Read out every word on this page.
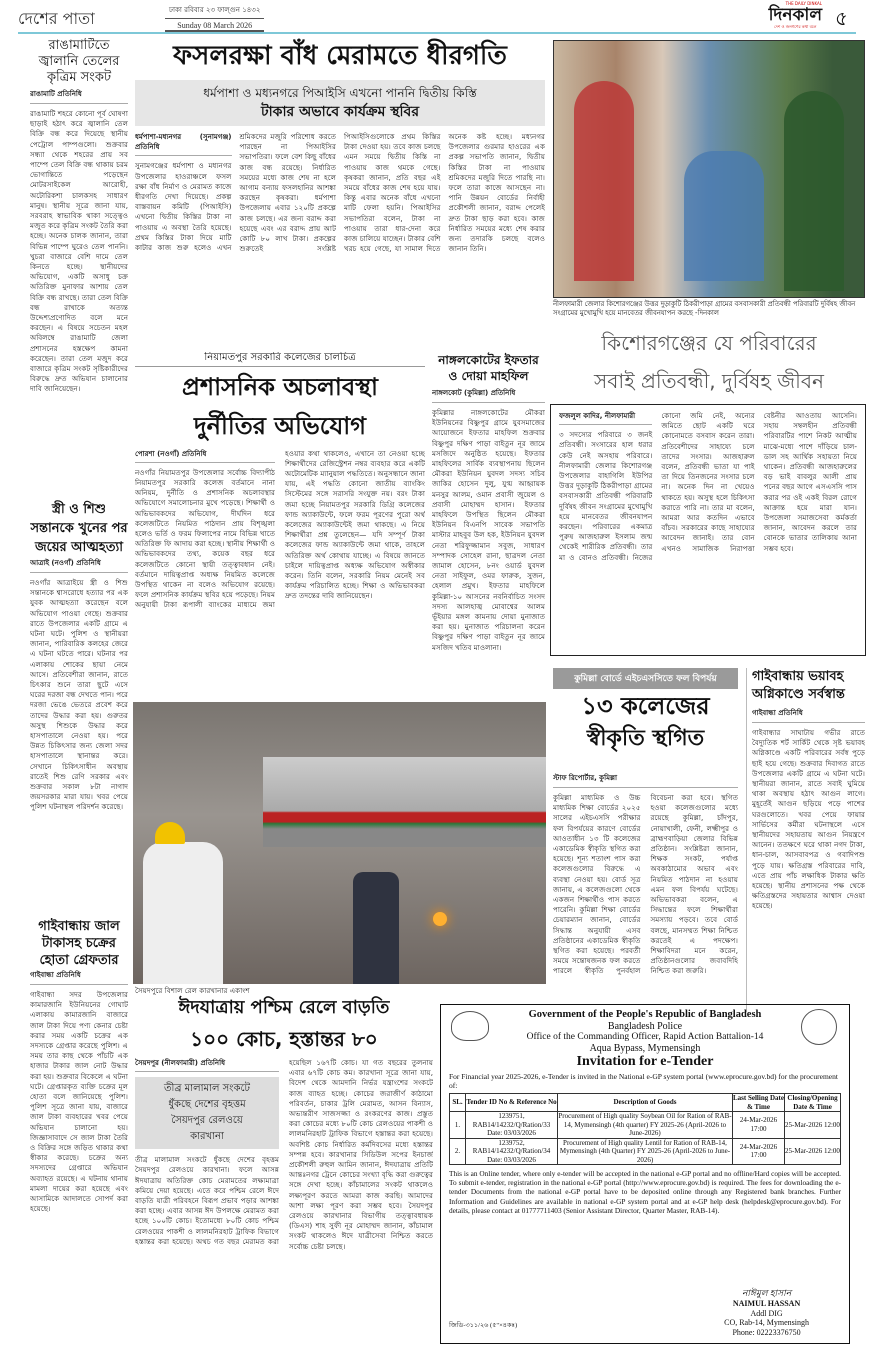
দেশের পাতা	ঢাকা রবিবার ২৩ ফাল্গুন ১৪৩২
Sunday 08 March 2026
THE DAILY DINKAL
দিনকাল
দেশ ও জনগণের কথা বলে ৫
রাঙামাটিতে জ্বালানি তেলের কৃত্রিম সংকট
রাঙামাটি প্রতিনিধি
রাঙামাটি শহরে কোনো পূর্ব ঘোষণা ছাড়াই হঠাৎ করে জ্বালানি তেল বিক্রি বন্ধ করে দিয়েছে স্থানীয় পেট্রোল পাম্পগুলো। শুক্রবার সন্ধ্যা থেকে শহরের প্রায় সব পাম্পে তেল বিক্রি বন্ধ থাকায় চরম ভোগান্তিতে পড়েছেন মোটরসাইকেল আরোহী, অটোরিকশা চালকসহ সাধারণ মানুষ। স্থানীয় সূত্রে জানা যায়, সরবরাহ স্বাভাবিক থাকা সত্ত্বেও মজুত করে কৃত্রিম সংকট তৈরি করা হচ্ছে। অনেক চালক জানান, তারা বিভিন্ন পাম্পে ঘুরেও তেল পাননি। খুচরা বাজারে বেশি দামে তেল কিনতে হচ্ছে। স্থানীয়দের অভিযোগ, একটি অসাধু চক্র অতিরিক্ত মুনাফার আশায় তেল বিক্রি বন্ধ রাখছে। তারা তেল বিক্রি বন্ধ রাখাকে অত্যন্ত উদ্দেশ্যপ্রণোদিত বলে মনে করছেন। এ বিষয়ে সচেতন মহল অবিলম্বে রাঙামাটি জেলা প্রশাসনের হস্তক্ষেপ কামনা করেছেন। তারা তেল মজুদ করে বাজারে কৃত্রিম সংকট সৃষ্টিকারীদের বিরুদ্ধে দ্রুত অভিযান চালানোর দাবি জানিয়েছেন।
স্ত্রী ও শিশু সন্তানকে খুনের পর জয়ের আত্মহত্যা
আত্রাই (নওগাঁ) প্রতিনিধি
নওগাঁর আত্রাইয়ে স্ত্রী ও শিশু সন্তানকে শ্বাসরোধে হত্যার পর এক যুবক আত্মহত্যা করেছেন বলে অভিযোগ পাওয়া গেছে। শুক্রবার রাতে উপজেলার একটি গ্রামে এ ঘটনা ঘটে। পুলিশ ও স্থানীয়রা জানান, পারিবারিক কলহের জেরে এ ঘটনা ঘটতে পারে। ঘটনার পর এলাকায় শোকের ছায়া নেমে আসে। প্রতিবেশীরা জানান, রাতে চিৎকার শুনে তারা ছুটে এসে ঘরের দরজা বন্ধ দেখতে পান। পরে দরজা ভেঙে ভেতরে প্রবেশ করে তাদের উদ্ধার করা হয়। গুরুতর অসুস্থ শিশুকে উদ্ধার করে হাসপাতালে নেওয়া হয়। পরে উন্নত চিকিৎসার জন্য জেলা সদর হাসপাতালে স্থানান্তর করে। সেখানে চিকিৎসাধীন অবস্থায় রাতেই শিশু রেণি সরকার এবং শুক্রবার সকাল ৮টা নাগাদ জয়সরকার মারা যায়। খবর পেয়ে পুলিশ ঘটনাস্থল পরিদর্শন করেছে।
গাইবান্ধায় জাল টাকাসহ চক্রের হোতা গ্রেফতার
গাইবান্ধা প্রতিনিধি
গাইবান্ধা সদর উপজেলার কামারজানি ইউনিয়নের গোঘাট এলাকায় কামারজানি বাজারে জাল টাকা দিয়ে পণ্য কেনার চেষ্টা করার সময় একটি চক্রের এক সদস্যকে গ্রেপ্তার করেছে পুলিশ। এ সময় তার কাছ থেকে পাঁচটি এক হাজার টাকার জাল নোট উদ্ধার করা হয়। শুক্রবার বিকেলে এ ঘটনা ঘটে। গ্রেপ্তারকৃত ব্যক্তি চক্রের মূল হোতা বলে জানিয়েছে পুলিশ। পুলিশ সূত্রে জানা যায়, বাজারে জাল টাকা ব্যবহারের খবর পেয়ে অভিযান চালানো হয়। জিজ্ঞাসাবাদে সে জাল টাকা তৈরি ও বিক্রির সঙ্গে জড়িত থাকার কথা স্বীকার করেছে। চক্রের অন্য সদস্যদের গ্রেপ্তারে অভিযান অব্যাহত রয়েছে। এ ঘটনায় থানায় মামলা দায়ের করা হয়েছে এবং আসামিকে আদালতে সোপর্দ করা হয়েছে।
ফসলরক্ষা বাঁধ মেরামতে ধীরগতি
ধর্মপাশা ও মধ্যনগরে পিআইসি এখনো পাননি দ্বিতীয় কিস্তি
টাকার অভাবে কার্যক্রম স্থবির
ধর্মপাশা-মধ্যনগর (সুনামগঞ্জ) প্রতিনিধি
সুনামগঞ্জের ধর্মপাশা ও মধ্যনগর উপজেলার হাওরাঞ্চলে ফসল রক্ষা বাঁধ নির্মাণ ও মেরামত কাজে ধীরগতি দেখা দিয়েছে। প্রকল্প বাস্তবায়ন কমিটি (পিআইসি) এখনো দ্বিতীয় কিস্তির টাকা না পাওয়ায় এ অবস্থা তৈরি হয়েছে। প্রথম কিস্তির টাকা দিয়ে মাটি কাটার কাজ শুরু হলেও এখন শ্রমিকদের মজুরি পরিশোধ করতে পারছেন না পিআইসির সভাপতিরা। ফলে বেশ কিছু বাঁধের কাজ বন্ধ রয়েছে। নির্ধারিত সময়ের মধ্যে কাজ শেষ না হলে আগাম বন্যায় ফসলহানির আশঙ্কা করছেন কৃষকরা। ধর্মপাশা উপজেলায় এবার ১২০টি প্রকল্পে কাজ চলছে। এর জন্য বরাদ্দ করা হয়েছে এবং এর বরাদ্দ প্রায় আট কোটি ৮০ লাখ টাকা। প্রকল্পের শুরুতেই সংশ্লিষ্ট পিআইসিগুলোকে প্রথম কিস্তির টাকা দেওয়া হয়। তবে কাজ চলছে এমন সময়ে দ্বিতীয় কিস্তি না পাওয়ায় কাজ থমকে গেছে। কৃষকরা জানান, প্রতি বছর এই সময়ে বাঁধের কাজ শেষ হয়ে যায়। কিন্তু এবার অনেক বাঁধে এখনো মাটি ফেলা হয়নি। পিআইসির সভাপতিরা বলেন, টাকা না পাওয়ায় তারা ধার-দেনা করে কাজ চালিয়ে যাচ্ছেন। টাকার বেশি খরচ হয়ে গেছে, যা সামাল দিতে অনেক কষ্ট হচ্ছে। মধ্যনগর উপজেলার গুরমার হাওরের এক প্রকল্প সভাপতি জানান, দ্বিতীয় কিস্তির টাকা না পাওয়ায় শ্রমিকদের মজুরি দিতে পারছি না। ফলে তারা কাজে আসছেন না। পানি উন্নয়ন বোর্ডের নির্বাহী প্রকৌশলী জানান, বরাদ্দ পেলেই দ্রুত টাকা ছাড় করা হবে। কাজ নির্ধারিত সময়ের মধ্যে শেষ করার জন্য তদারকি চলছে বলেও জানান তিনি।
নীলফামারী জেলার কিশোরগঞ্জের উত্তর দুড়াকুটি ঠিকরীপাড়া গ্রামের বসবাসকারী প্রতিবন্ধী পরিবারটি দুর্বিষহ জীবন সংগ্রামের মুখোমুখি হয়ে মানবেতর জীবনযাপন করছে -দিনকাল
কিশোরগঞ্জের যে পরিবারের
সবাই প্রতিবন্ধী, দুর্বিষহ জীবন
ফজলুল কাদির, নীলফামারী
৩ সদস্যের পরিবারে ৩ জনই প্রতিবন্ধী। সংসারের হাল ধরার কেউ নেই অসহায় পরিবারে। নীলফামারী জেলার কিশোরগঞ্জ উপজেলার বাহাগিলি ইউপির উত্তর দুড়াকুটি ঠিকরীপাড়া গ্রামের বসবাসকারী প্রতিবন্ধী পরিবারটি দুর্বিষহ জীবন সংগ্রামের মুখোমুখি হয়ে মানবেতর জীবনযাপন করছেন। পরিবারের একমাত্র পুরুষ আজহারুল ইসলাম জন্ম থেকেই শারীরিক প্রতিবন্ধী। তার মা ও বোনও প্রতিবন্ধী। নিজের কোনো জমি নেই, অন্যের জমিতে ছোট একটি ঘরে কোনোমতে বসবাস করেন তারা। প্রতিবেশীদের সাহায্যে চলে তাদের সংসার। আজহারুল বলেন, প্রতিবন্ধী ভাতা যা পাই তা দিয়ে তিনজনের সংসার চলে না। অনেক দিন না খেয়েও থাকতে হয়। অসুস্থ হলে চিকিৎসা করাতে পারি না। তার মা বলেন, আমরা আর কতদিন এভাবে বাঁচব। সরকারের কাছে সাহায্যের আবেদন জানাই। তার বোন এখনও সামাজিক নিরাপত্তা বেষ্টনীর আওতায় আসেনি। সহায় সম্বলহীন প্রতিবন্ধী পরিবারটির পাশে নিকট আত্মীয় মাঝে-মধ্যে পাশে দাঁড়িয়ে চাল-ডাল সহ আর্থিক সহায়তা নিয়ে থাকেন। প্রতিবন্ধী আজহারুলের বড় ভাই বাবলুর আলী প্রায় পনের বছর আগে এসএসসি পাস করার পর ওই একই বিরল রোগে আক্রান্ত হয়ে মারা যান। উপজেলা সমাজসেবা কর্মকর্তা জানান, আবেদন করলে তার বোনকে ভাতার তালিকায় আনা সম্ভব হবে।
নিয়ামতপুর সরকারি কলেজের চালচিত্র
প্রশাসনিক অচলাবস্থা
দুর্নীতির অভিযোগ
পোরশা (নওগাঁ) প্রতিনিধি
নওগাঁর নিয়ামতপুর উপজেলার সর্বোচ্চ বিদ্যাপীঠ নিয়ামতপুর সরকারি কলেজ বর্তমানে নানা অনিয়ম, দুর্নীতি ও প্রশাসনিক অচলাবস্থার অভিযোগে সমালোচনার মুখে পড়েছে। শিক্ষার্থী ও অভিভাবকদের অভিযোগ, দীর্ঘদিন ধরে কলেজটিতে নিয়মিত পাঠদান প্রায় বিশৃঙ্খলা হলেও ভর্তি ও ফরম ফিলাপের নামে বিভিন্ন খাতে অতিরিক্ত ফি আদায় করা হচ্ছে। স্থানীয় শিক্ষার্থী ও অভিভাবকদের তথ্য, কয়েক বছর ধরে কলেজটিতে কোনো স্থায়ী তত্ত্বাবধান নেই। বর্তমানে দায়িত্বপ্রাপ্ত অধ্যক্ষ নিয়মিত কলেজে উপস্থিত থাকেন না বলেও অভিযোগ রয়েছে। ফলে প্রশাসনিক কার্যক্রম স্থবির হয়ে পড়েছে। নিয়ম অনুযায়ী টাকা রূপালী ব্যাংকের মাধ্যমে জমা হওয়ার কথা থাকলেও, এখানে তা নেওয়া হচ্ছে শিক্ষার্থীদের রেজিস্ট্রেশন নম্বর ব্যবহার করে একটি অটোমেটিক ম্যানুয়াল পদ্ধতিতে। অনুসন্ধানে জানা যায়, এই পদ্ধতি কোনো জাতীয় ব্যাংকিং সিস্টেমের সঙ্গে সরাসরি সংযুক্ত নয়। বরং টাকা জমা হচ্ছে নিয়ামতপুর সরকারি ডিগ্রি কলেজের ফান্ড অ্যাকাউন্টে, ফলে ফরম পূরণের পুরো অর্থ কলেজের অ্যাকাউন্টেই জমা থাকছে। এ নিয়ে শিক্ষার্থীরা প্রশ্ন তুলেছেন— যদি সম্পূর্ণ টাকা কলেজের ফান্ড অ্যাকাউন্টে জমা থাকে, তাহলে অতিরিক্ত অর্থ কোথায় যাচ্ছে। এ বিষয়ে জানতে চাইলে দায়িত্বপ্রাপ্ত অধ্যক্ষ অভিযোগ অস্বীকার করেন। তিনি বলেন, সরকারি নিয়ম মেনেই সব কার্যক্রম পরিচালিত হচ্ছে। শিক্ষা ও অভিভাবকরা দ্রুত তদন্তের দাবি জানিয়েছেন।
নাঙ্গলকোটের ইফতার ও দোয়া মাহফিল
নাঙ্গলকোট (কুমিল্লা) প্রতিনিধি
কুমিল্লার নাঙ্গলকোটের মৌকরা ইউনিয়নের বিষ্ণুপুর গ্রামে যুবসমাজের আয়োজনে ইফতার মাহফিল শুক্রবার বিষ্ণুপুর দক্ষিণ পাড়া বাইতুন নূর জামে মসজিদে অনুষ্ঠিত হয়েছে। ইফতার মাহফিলের সার্বিক ব্যবস্থাপনায় ছিলেন মৌকরা ইউনিয়ন যুবদল সদস্য সচিব জাকির হোসেন দুলু, যুগ্ম আহ্বায়ক মনসুর আলম, ওমান প্রবাসী জুয়েল ও প্রবাসী মোহাম্মদ হাসান। ইফতার মাহফিলে উপস্থিত ছিলেন মৌকরা ইউনিয়ন বিএনপি সাবেক সভাপতি মাস্টার মাহবুব উল হক, ইউনিয়ন যুবদল নেতা শরিফুজ্জামান সবুজ, সাধারণ সম্পাদক সোহেল রানা, ছাত্রদল নেতা জামাল হোসেন, ৮নং ওয়ার্ড যুবদল নেতা সাইফুল, ওমর ফারুক, সুজন, হেলাল প্রমুখ। ইফতার মাহফিলে কুমিল্লা-১০ আসনের নবনির্বাচিত সংসদ সদস্য আলহাজ্ব মোবাশ্বের আলম ভূঁইয়ার মঙ্গল কামনায় দোয়া মুনাজাত করা হয়। মুনাজাত পরিচালনা করেন বিষ্ণুপুর দক্ষিণ পাড়া বাইতুন নূর জামে মসজিদ খতিব মাওলানা।
সৈয়দপুরে বিশাল রেল কারখানার একাংশ
কুমিল্লা বোর্ডে এইচএসসিতে ফল বিপর্যয়
১৩ কলেজের
স্বীকৃতি স্থগিত
স্টাফ রিপোর্টার, কুমিল্লা
কুমিল্লা মাধ্যমিক ও উচ্চ মাধ্যমিক শিক্ষা বোর্ডের ২০২৫ সালের এইচএসসি পরীক্ষার ফল বিপর্যয়ের কারণে বোর্ডের আওতাধীন ১৩ টি কলেজের একাডেমিক স্বীকৃতি স্থগিত করা হয়েছে। শূন্য শতাংশ পাস করা কলেজগুলোর বিরুদ্ধে এ ব্যবস্থা নেওয়া হয়। বোর্ড সূত্র জানায়, এ কলেজগুলো থেকে একজন শিক্ষার্থীও পাস করতে পারেনি। কুমিল্লা শিক্ষা বোর্ডের চেয়ারম্যান জানান, বোর্ডের সিদ্ধান্ত অনুযায়ী এসব প্রতিষ্ঠানের একাডেমিক স্বীকৃতি স্থগিত করা হয়েছে। পরবর্তী সময়ে সন্তোষজনক ফল করতে পারলে স্বীকৃতি পুনর্বহাল বিবেচনা করা হবে। স্থগিত হওয়া কলেজগুলোর মধ্যে রয়েছে কুমিল্লা, চাঁদপুর, নোয়াখালী, ফেনী, লক্ষ্মীপুর ও ব্রাহ্মণবাড়িয়া জেলার বিভিন্ন প্রতিষ্ঠান। সংশ্লিষ্টরা জানান, শিক্ষক সংকট, পর্যাপ্ত অবকাঠামোর অভাব এবং নিয়মিত পাঠদান না হওয়ায় এমন ফল বিপর্যয় ঘটেছে। অভিভাবকরা বলেন, এ সিদ্ধান্তের ফলে শিক্ষার্থীরা সমস্যায় পড়বে। তবে বোর্ড বলছে, মানসম্মত শিক্ষা নিশ্চিত করতেই এ পদক্ষেপ। শিক্ষাবিদরা মনে করেন, প্রতিষ্ঠানগুলোর জবাবদিহি নিশ্চিত করা জরুরি।
গাইবান্ধায় ভয়াবহ অগ্নিকাণ্ডে সর্বস্বান্ত
গাইবান্ধা প্রতিনিধি
গাইবান্ধার সাঘাটায় গভীর রাতে বৈদ্যুতিক শর্ট সার্কিট থেকে সৃষ্ট ভয়াবহ অগ্নিকাণ্ডে একটি পরিবারের সর্বস্ব পুড়ে ছাই হয়ে গেছে। শুক্রবার দিবাগত রাতে উপজেলার একটি গ্রামে এ ঘটনা ঘটে। স্থানীয়রা জানান, রাতে সবাই ঘুমিয়ে থাকা অবস্থায় হঠাৎ আগুন লাগে। মুহূর্তেই আগুন ছড়িয়ে পড়ে পাশের ঘরগুলোতে। খবর পেয়ে ফায়ার সার্ভিসের কর্মীরা ঘটনাস্থলে এসে স্থানীয়দের সহায়তায় আগুন নিয়ন্ত্রণে আনেন। ততক্ষণে ঘরে থাকা নগদ টাকা, ধান-চাল, আসবাবপত্র ও গবাদিপশু পুড়ে যায়। ক্ষতিগ্রস্ত পরিবারের দাবি, এতে প্রায় পাঁচ লক্ষাধিক টাকার ক্ষতি হয়েছে। স্থানীয় প্রশাসনের পক্ষ থেকে ক্ষতিগ্রস্তদের সহায়তার আশ্বাস দেওয়া হয়েছে।
ঈদযাত্রায় পশ্চিম রেলে বাড়তি
১০০ কোচ, হস্তান্তর ৮০
সৈয়দপুর (নীলফামারী) প্রতিনিধি
তীব্র মালামাল সংকটে
ধুঁকছে দেশের বৃহত্তম
সৈয়দপুর রেলওয়ে
কারখানা
তীব্র মালামাল সংকটে ধুঁকছে দেশের বৃহত্তম সৈয়দপুর রেলওয়ে কারখানা। ফলে আসন্ন ঈদযাত্রায় অতিরিক্ত কোচ মেরামতের লক্ষ্যমাত্রা কমিয়ে দেয়া হয়েছে। এতে করে পশ্চিম রেলে ঈদে বাড়তি যাত্রী পরিবহনে বিরূপ প্রভাব পড়ার আশঙ্কা করা হচ্ছে। এবার আসন্ন ঈদ উপলক্ষে মেরামত করা হচ্ছে ১০০টি কোচ। ইতোমধ্যে ৮০টি কোচ পশ্চিম রেলওয়ের পাকশী ও লালমনিরহাট ট্রাফিক বিভাগে হস্তান্তর করা হয়েছে। অথচ গত বছর মেরামত করা হয়েছিল ১৬৭টি কোচ। যা গত বছরের তুলনায় এবার ৬৭টি কোচ কম। কারখানা সূত্রে জানা যায়, বিদেশ থেকে আমদানি নির্ভর যন্ত্রাংশের সংকটে কাজ ব্যাহত হচ্ছে। কোচের জরাজীর্ণ কাঠামো পরিবর্তন, চাকার ট্রলি মেরামত, আসন বিন্যাস, অভ্যন্তরীণ সাজসজ্জা ও রংকরণের কাজ। প্রস্তুত করা কোচের মধ্যে ৮০টি কোচ রেলওয়ের পাকশী ও লালমনিরহাট ট্রাফিক বিভাগে হস্তান্তর করা হয়েছে। অবশিষ্ট কোচ নির্ধারিত কর্মদিবসের মধ্যে হস্তান্তর সম্পন্ন হবে। কারখানার সিডিউল সপের ইনচার্জ প্রকৌশলী রুহুল আমিন জানান, ঈদযাত্রায় প্রতিটি আন্তঃনগর ট্রেনে কোচের সংখ্যা বৃদ্ধি করা গুরুত্বের সঙ্গে দেখা হচ্ছে। কাঁচামালের সংকট থাকলেও লক্ষ্যপূরণ করতে আমরা কাজ করছি। আমাদের আশা লক্ষ্য পূরণ করা সম্ভব হবে। সৈয়দপুর রেলওয়ে কারখানার বিভাগীয় তত্ত্বাবধায়ক (ডিএস) শাহ সুফী নূর মোহাম্মদ জানান, কাঁচামাল সংকট থাকলেও ঈদে যাত্রীসেবা নিশ্চিত করতে সর্বোচ্চ চেষ্টা চলছে।
Government of the People's Republic of Bangladesh
Bangladesh Police
Office of the Commanding Officer, Rapid Action Battalion-14
Aqua Bypass, Mymensingh
Invitation for e-Tender
For Financial year 2025-2026, e-Tender is invited in the National e-GP system portal (www.eprocure.gov.bd) for the procurement of:
SL.	Tender ID No & Reference No	Description of Goods	Last Selling Date & Time	Closing/Opening Date & Time
1.	1239751, RAB14/14232/Q/Ration/33 Date: 03/03/2026	Procurement of High quality Soybean Oil for Ration of RAB-14, Mymensingh (4th quarter) FY 2025-26 (April-2026 to June-2026)	24-Mar-2026 17:00	25-Mar-2026 12:00
2.	1239752, RAB14/14232/Q/Ration/34 Date: 03/03/2026	Procurement of High quality Lentil for Ration of RAB-14, Mymensingh (4th Quarter) FY 2025-26 (April-2026 to June-2026)	24-Mar-2026 17:00	25-Mar-2026 12:00
This is an Online tender, where only e-tender will be accepted in the national e-GP portal and no offline/Hard copies will be accepted. To submit e-tender, registration in the national e-GP portal (http://www.eprocure.gov.bd) is required. The fees for downloading the e-tender Documents from the national e-GP portal have to be deposited online through any Registered bank branches. Further Information and Guidelines are available in national e-GP system portal and at e-GP help desk (helpdesk@eprocure.gov.bd). For details, please contact at 01777711403 (Senior Assistant Director, Quarter Master, RAB-14).
নাঈমুল হাসান
NAIMUL HASSAN
Addl DIG
CO, Rab-14, Mymensingh
Phone: 02223376750
জিডি-৩১১/২৬ (৫"×৪কঃ)
